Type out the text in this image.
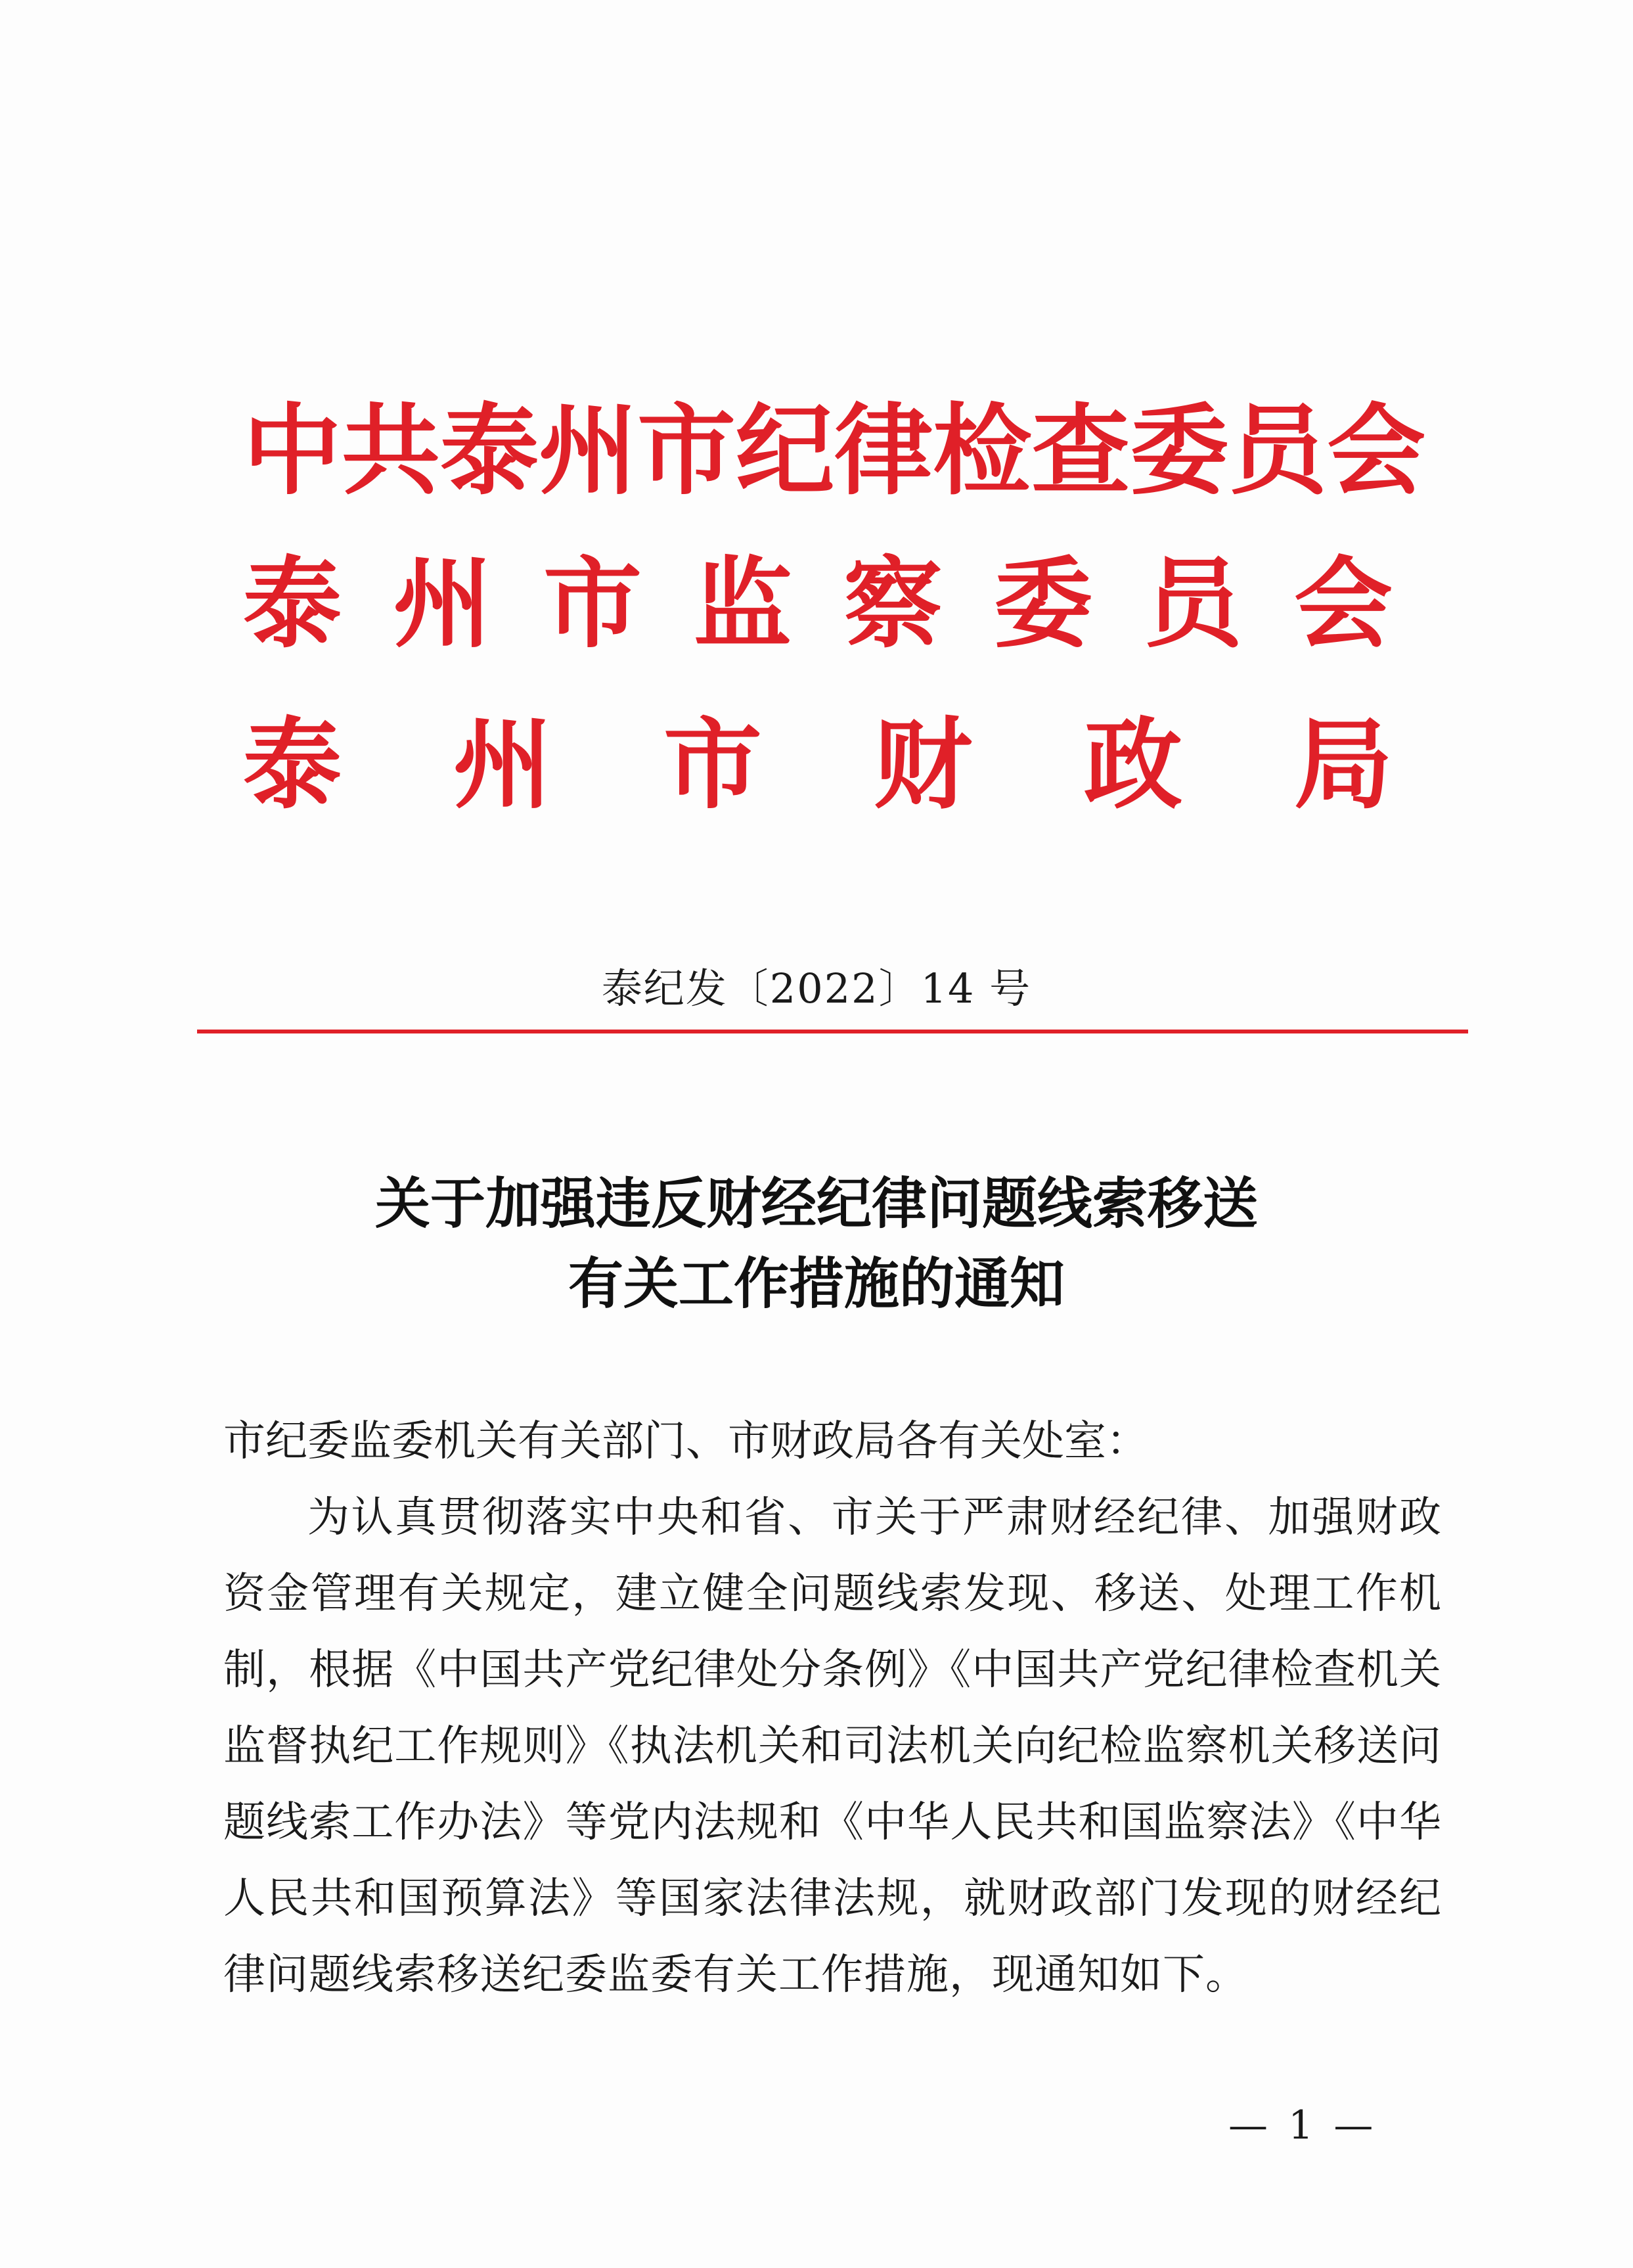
中 共 泰 州 市 纪 律 检 查 委 员 会
泰 州 市 监 察 委 员 会
泰 州 市 财 政 局
泰纪发〔2022〕14 号
关于加强违反财经纪律问题线索移送
有关工作措施的通知
市纪委监委机关有关部门、市财政局各有关处室：
为认真贯彻落实中央和省、市关于严肃财经纪律、加强财政资金管理有关规定，建立健全问题线索发现、移送、处理工作机制，根据《中国共产党纪律处分条例》《中国共产党纪律检查机关监督执纪工作规则》《执法机关和司法机关向纪检监察机关移送问题线索工作办法》等党内法规和《中华人民共和国监察法》《中华人民共和国预算法》等国家法律法规，就财政部门发现的财经纪律问题线索移送纪委监委有关工作措施，现通知如下。
— 1 —
